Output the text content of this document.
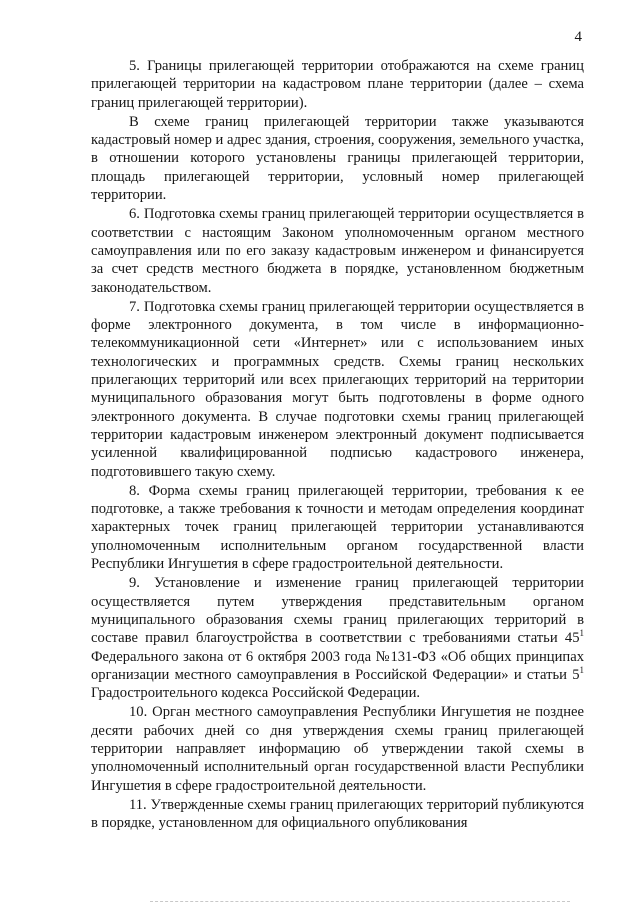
4

5. Границы прилегающей территории отображаются на схеме границ прилегающей территории на кадастровом плане территории (далее – схема границ прилегающей территории).

В схеме границ прилегающей территории также указываются кадастровый номер и адрес здания, строения, сооружения, земельного участка, в отношении которого установлены границы прилегающей территории, площадь прилегающей территории, условный номер прилегающей территории.

6. Подготовка схемы границ прилегающей территории осуществляется в соответствии с настоящим Законом уполномоченным органом местного самоуправления или по его заказу кадастровым инженером и финансируется за счет средств местного бюджета в порядке, установленном бюджетным законодательством.

7. Подготовка схемы границ прилегающей территории осуществляется в форме электронного документа, в том числе в информационно-телекоммуникационной сети «Интернет» или с использованием иных технологических и программных средств. Схемы границ нескольких прилегающих территорий или всех прилегающих территорий на территории муниципального образования могут быть подготовлены в форме одного электронного документа. В случае подготовки схемы границ прилегающей территории кадастровым инженером электронный документ подписывается усиленной квалифицированной подписью кадастрового инженера, подготовившего такую схему.

8. Форма схемы границ прилегающей территории, требования к ее подготовке, а также требования к точности и методам определения координат характерных точек границ прилегающей территории устанавливаются уполномоченным исполнительным органом государственной власти Республики Ингушетия в сфере градостроительной деятельности.

9. Установление и изменение границ прилегающей территории осуществляется путем утверждения представительным органом муниципального образования схемы границ прилегающих территорий в составе правил благоустройства в соответствии с требованиями статьи $45^1$ Федерального закона от 6 октября 2003 года №131-ФЗ «Об общих принципах организации местного самоуправления в Российской Федерации» и статьи $5^1$ Градостроительного кодекса Российской Федерации.

10. Орган местного самоуправления Республики Ингушетия не позднее десяти рабочих дней со дня утверждения схемы границ прилегающей территории направляет информацию об утверждении такой схемы в уполномоченный исполнительный орган государственной власти Республики Ингушетия в сфере градостроительной деятельности.

11. Утвержденные схемы границ прилегающих территорий публикуются в порядке, установленном для официального опубликования
